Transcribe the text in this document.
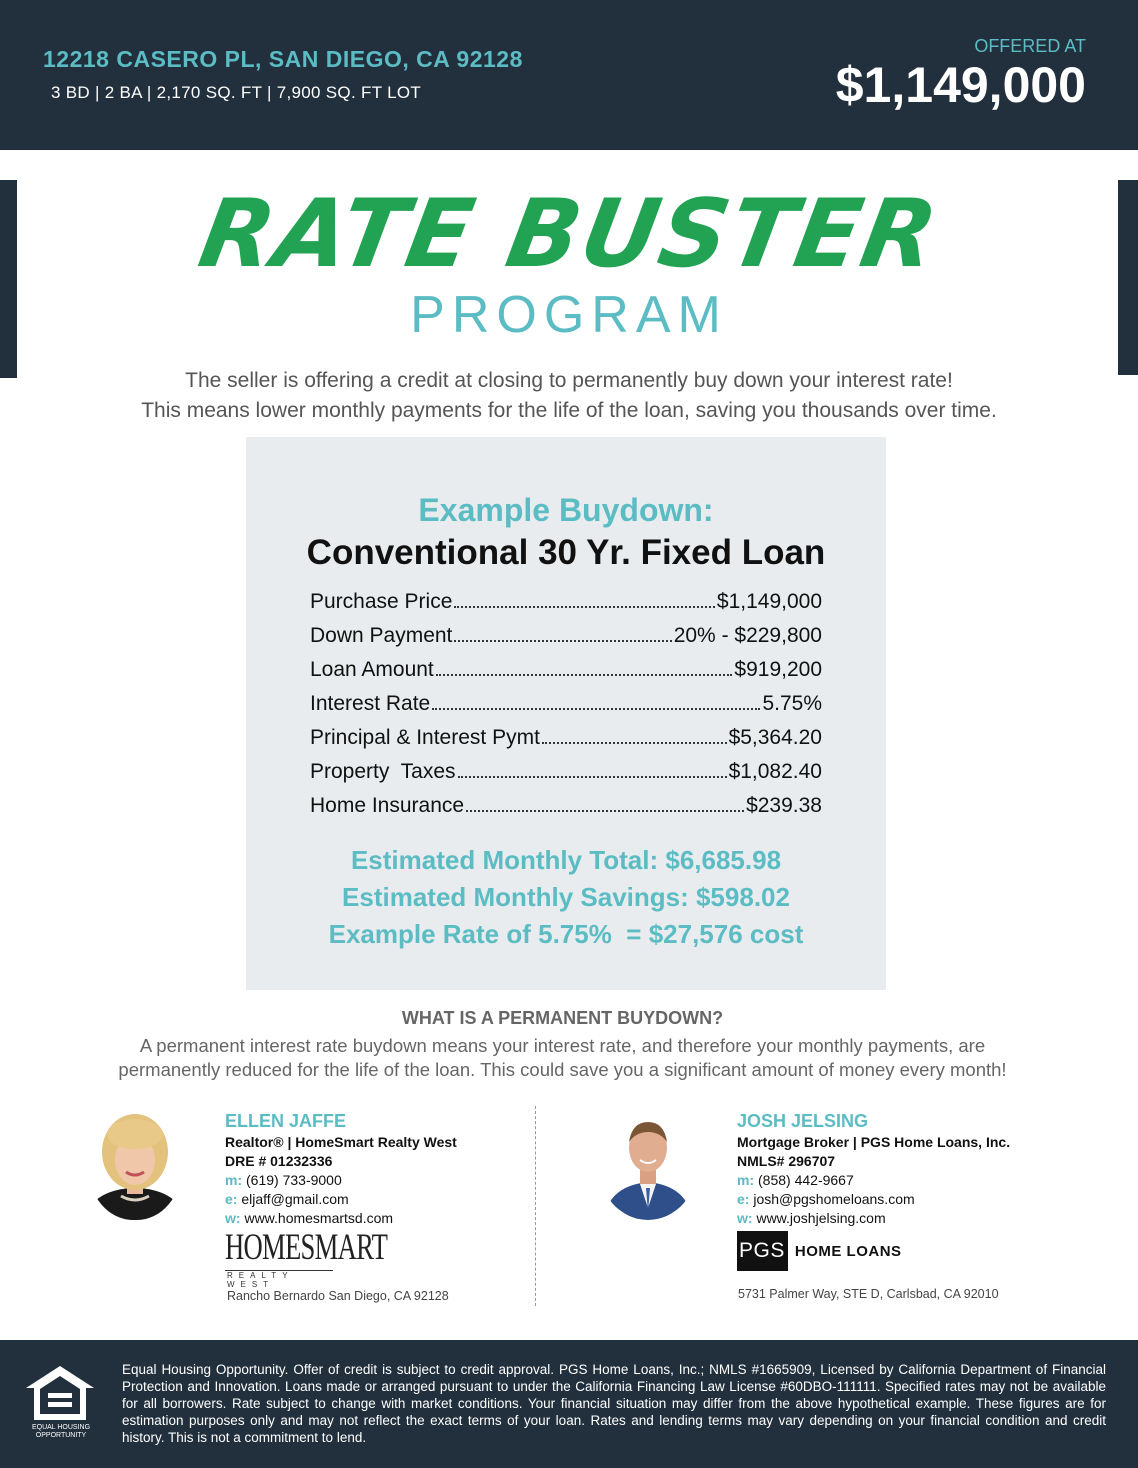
12218 CASERO PL, SAN DIEGO, CA 92128
3 BD | 2 BA | 2,170 SQ. FT | 7,900 SQ. FT LOT
OFFERED AT
$1,149,000
RATE BUSTER
PROGRAM
The seller is offering a credit at closing to permanently buy down your interest rate!
This means lower monthly payments for the life of the loan, saving you thousands over time.
Example Buydown:
Conventional 30 Yr. Fixed Loan
Purchase Price	$1,149,000
Down Payment	20% - $229,800
Loan Amount	$919,200
Interest Rate	5.75%
Principal & Interest Pymt	$5,364.20
Property  Taxes	$1,082.40
Home Insurance	$239.38
Estimated Monthly Total: $6,685.98
Estimated Monthly Savings: $598.02
Example Rate of 5.75%  = $27,576 cost
WHAT IS A PERMANENT BUYDOWN?
A permanent interest rate buydown means your interest rate, and therefore your monthly payments, are
permanently reduced for the life of the loan. This could save you a significant amount of money every month!
ELLEN JAFFE
Realtor® | HomeSmart Realty West
DRE # 01232336
m: (619) 733-9000
e: eljaff@gmail.com
w: www.homesmartsd.com
HOMESMART
REALTY WEST
Rancho Bernardo San Diego, CA 92128
JOSH JELSING
Mortgage Broker | PGS Home Loans, Inc.
NMLS# 296707
m: (858) 442-9667
e: josh@pgshomeloans.com
w: www.joshjelsing.com
PGS HOME LOANS
5731 Palmer Way, STE D, Carlsbad, CA 92010
EQUAL HOUSING OPPORTUNITY
Equal Housing Opportunity. Offer of credit is subject to credit approval. PGS Home Loans, Inc.; NMLS #1665909, Licensed by California Department of Financial Protection and Innovation. Loans made or arranged pursuant to under the California Financing Law License #60DBO-111111. Specified rates may not be available for all borrowers. Rate subject to change with market conditions. Your financial situation may differ from the above hypothetical example. These figures are for estimation purposes only and may not reflect the exact terms of your loan. Rates and lending terms may vary depending on your financial condition and credit history. This is not a commitment to lend.
